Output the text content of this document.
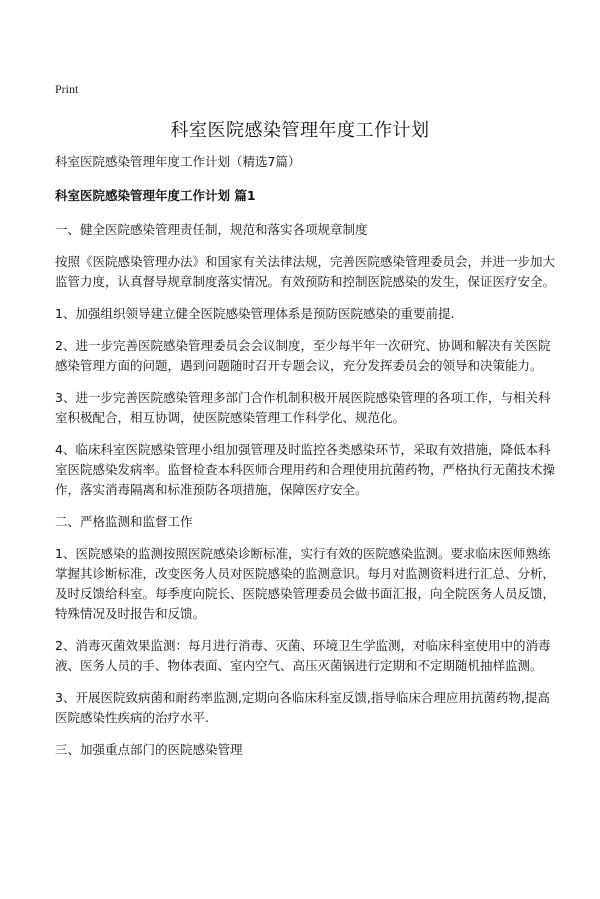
Print
科室医院感染管理年度工作计划

科室医院感染管理年度工作计划（精选7篇）

科室医院感染管理年度工作计划 篇1

一、健全医院感染管理责任制，规范和落实各项规章制度

按照《医院感染管理办法》和国家有关法律法规，完善医院感染管理委员会，并进一步加大监管力度，认真督导规章制度落实情况。有效预防和控制医院感染的发生，保证医疗安全。

1、加强组织领导建立健全医院感染管理体系是预防医院感染的重要前提.

2、进一步完善医院感染管理委员会会议制度，至少每半年一次研究、协调和解决有关医院感染管理方面的问题，遇到问题随时召开专题会议，充分发挥委员会的领导和决策能力。

3、进一步完善医院感染管理多部门合作机制积极开展医院感染管理的各项工作，与相关科室积极配合，相互协调，使医院感染管理工作科学化、规范化。

4、临床科室医院感染管理小组加强管理及时监控各类感染环节，采取有效措施，降低本科室医院感染发病率。监督检查本科医师合理用药和合理使用抗菌药物，严格执行无菌技术操作，落实消毒隔离和标准预防各项措施，保障医疗安全。

二、严格监测和监督工作

1、医院感染的监测按照医院感染诊断标准，实行有效的医院感染监测。要求临床医师熟练掌握其诊断标准，改变医务人员对医院感染的监测意识。每月对监测资料进行汇总、分析，及时反馈给科室。每季度向院长、医院感染管理委员会做书面汇报，向全院医务人员反馈，特殊情况及时报告和反馈。

2、消毒灭菌效果监测：每月进行消毒、灭菌、环境卫生学监测，对临床科室使用中的消毒液、医务人员的手、物体表面、室内空气、高压灭菌锅进行定期和不定期随机抽样监测。

3、开展医院致病菌和耐药率监测,定期向各临床科室反馈,指导临床合理应用抗菌药物,提高医院感染性疾病的治疗水平.

三、加强重点部门的医院感染管理
